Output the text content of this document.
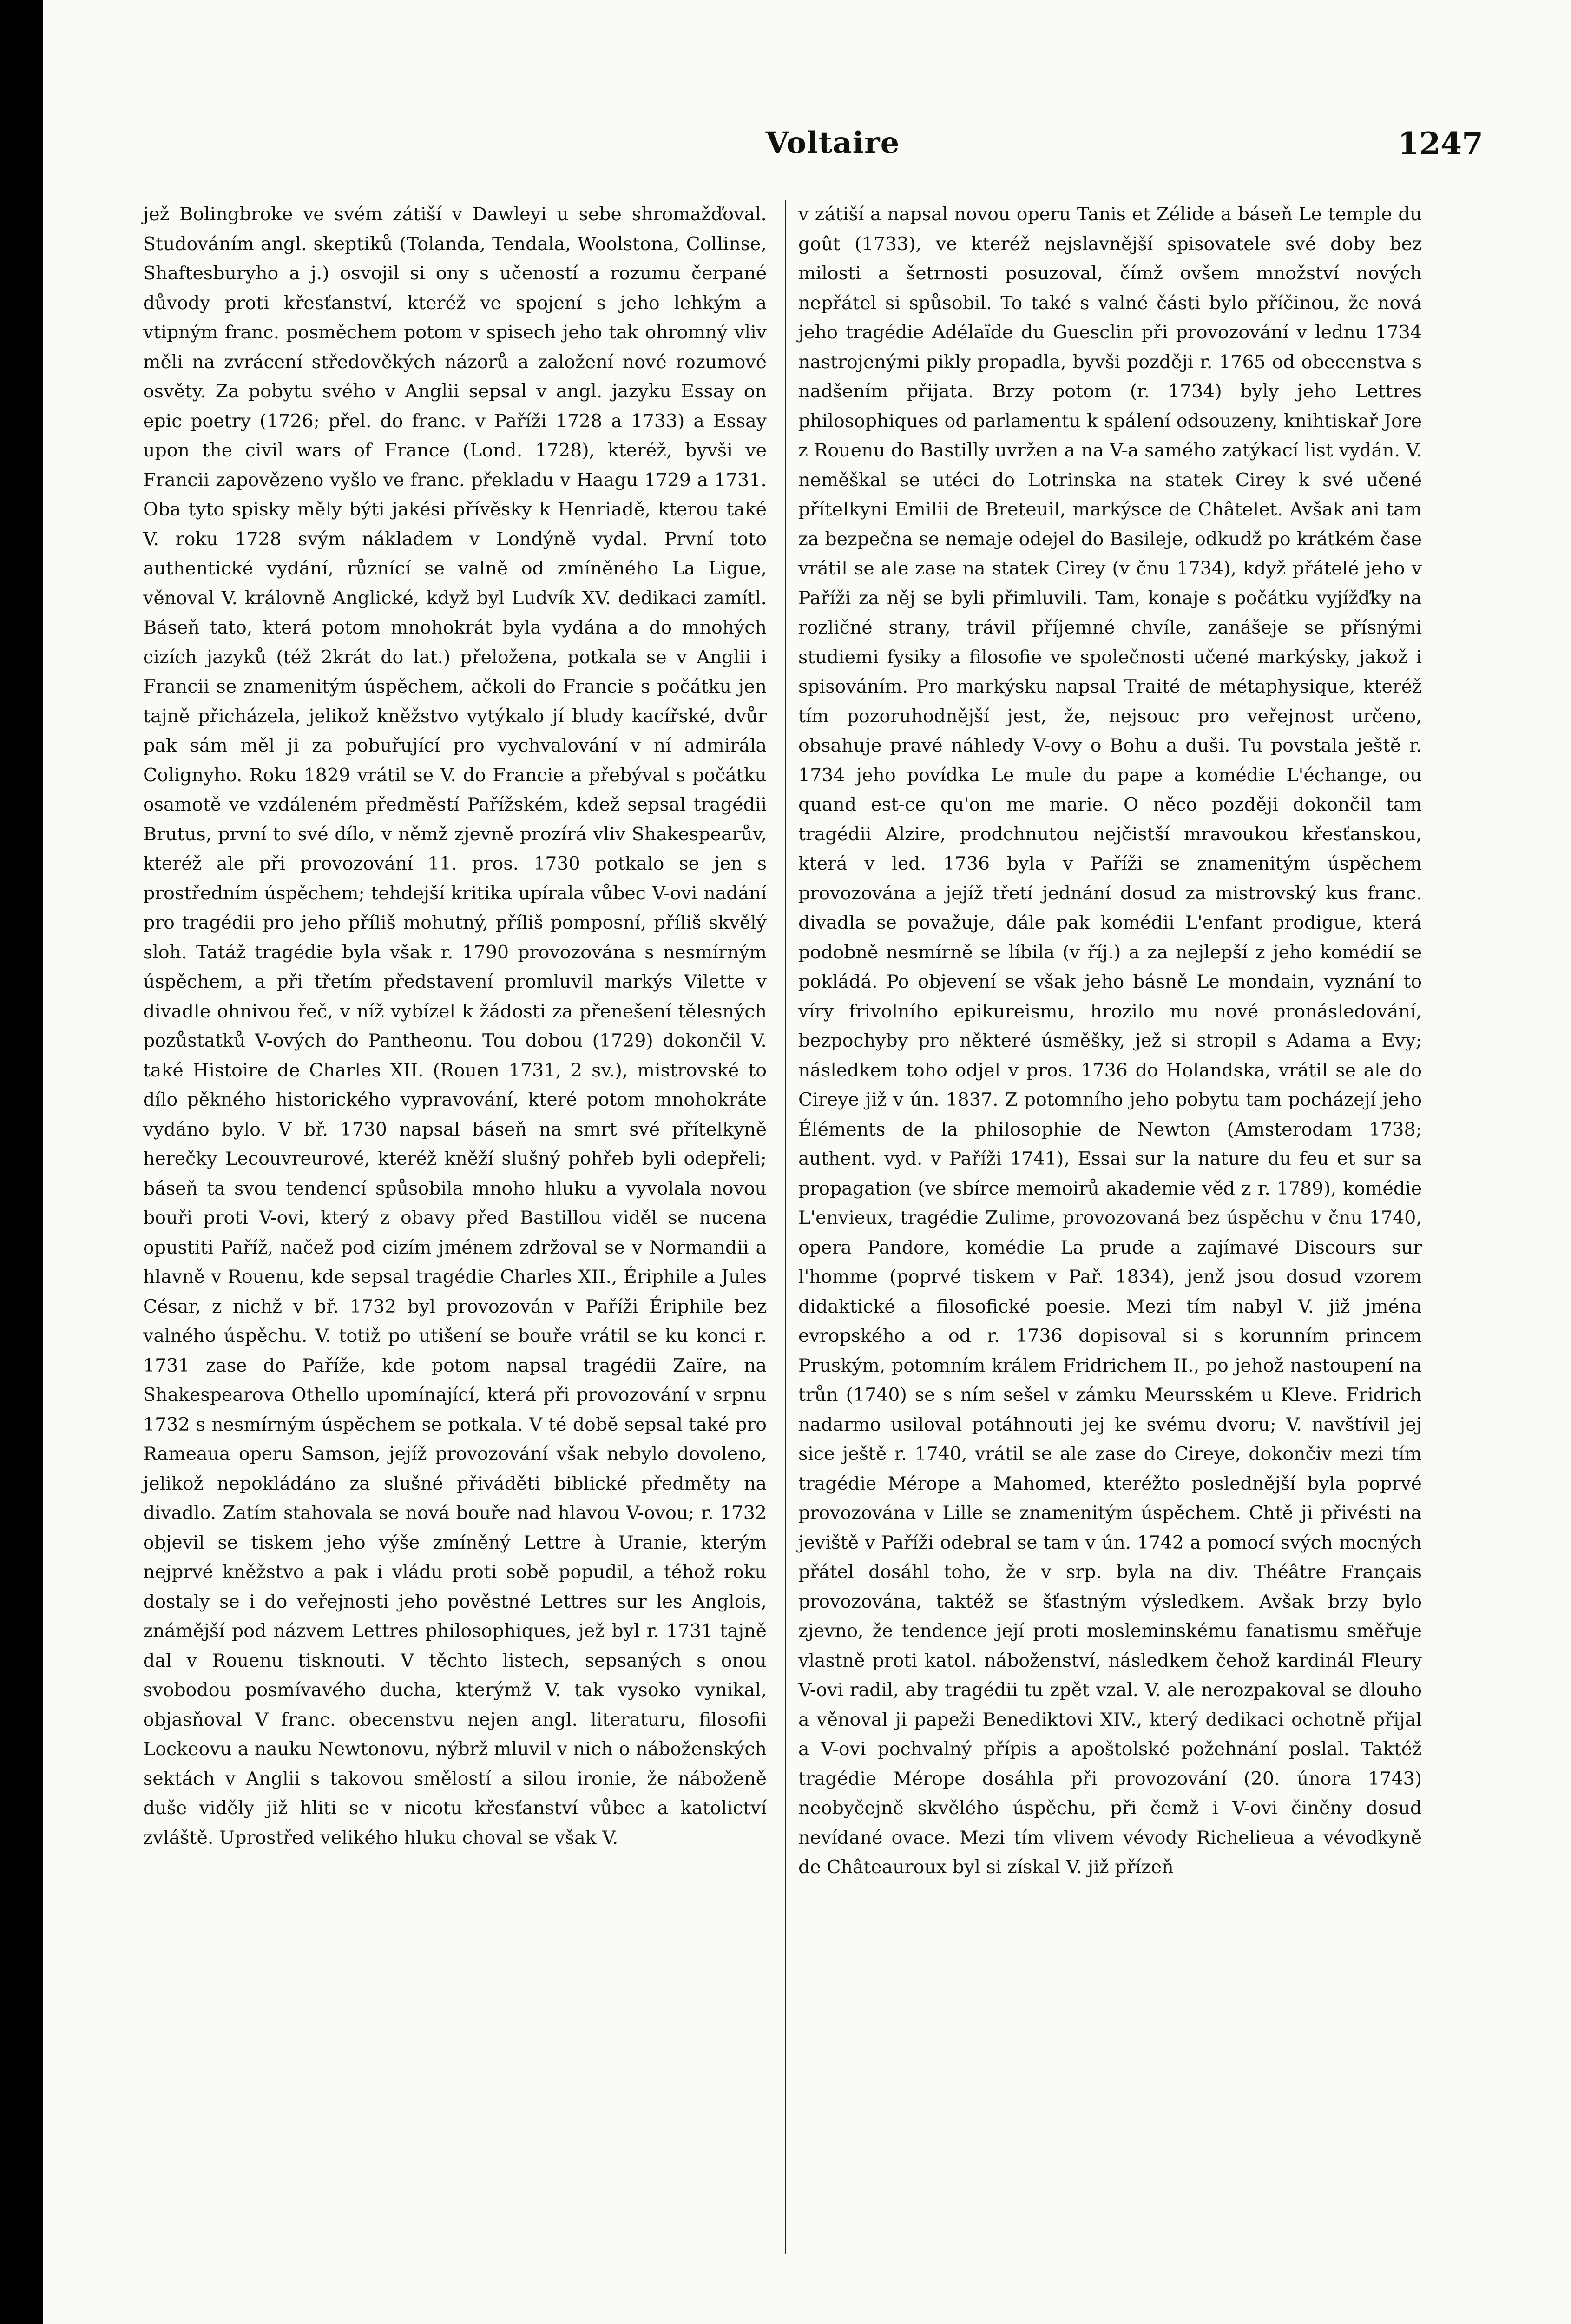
Voltaire	1247

jež Bolingbroke ve svém zátiší v Dawleyi u sebe shromažďoval. Studováním angl. skeptiků (Tolanda, Tendala, Woolstona, Collinse, Shaftesburyho a j.) osvojil si ony s učeností a rozumu čerpané důvody proti křesťanství, kteréž ve spojení s jeho lehkým a vtipným franc. posměchem potom v spisech jeho tak ohromný vliv měli na zvrácení středověkých názorů a založení nové rozumové osvěty. Za pobytu svého v Anglii sepsal v angl. jazyku Essay on epic poetry (1726; přel. do franc. v Paříži 1728 a 1733) a Essay upon the civil wars of France (Lond. 1728), kteréž, byvši ve Francii zapovězeno vyšlo ve franc. překladu v Haagu 1729 a 1731. Oba tyto spisky měly býti jakési přívěsky k Henriadě, kterou také V. roku 1728 svým nákladem v Londýně vydal. První toto authentické vydání, různící se valně od zmíněného La Ligue, věnoval V. královně Anglické, když byl Ludvík XV. dedikaci zamítl. Báseň tato, která potom mnohokrát byla vydána a do mnohých cizích jazyků (též 2krát do lat.) přeložena, potkala se v Anglii i Francii se znamenitým úspěchem, ačkoli do Francie s počátku jen tajně přicházela, jelikož kněžstvo vytýkalo jí bludy kacířské, dvůr pak sám měl ji za pobuřující pro vychvalování v ní admirála Colignyho. Roku 1829 vrátil se V. do Francie a přebýval s počátku osamotě ve vzdáleném předměstí Pařížském, kdež sepsal tragédii Brutus, první to své dílo, v němž zjevně prozírá vliv Shakespearův, kteréž ale při provozování 11. pros. 1730 potkalo se jen s prostředním úspěchem; tehdejší kritika upírala vůbec V-ovi nadání pro tragédii pro jeho příliš mohutný, příliš pomposní, příliš skvělý sloh. Tatáž tragédie byla však r. 1790 provozována s nesmírným úspěchem, a při třetím představení promluvil markýs Vilette v divadle ohnivou řeč, v níž vybízel k žádosti za přenešení tělesných pozůstatků V-ových do Pantheonu. Tou dobou (1729) dokončil V. také Histoire de Charles XII. (Rouen 1731, 2 sv.), mistrovské to dílo pěkného historického vypravování, které potom mnohokráte vydáno bylo. V bř. 1730 napsal báseň na smrt své přítelkyně herečky Lecouvreurové, kteréž kněží slušný pohřeb byli odepřeli; báseň ta svou tendencí spůsobila mnoho hluku a vyvolala novou bouři proti V-ovi, který z obavy před Bastillou viděl se nucena opustiti Paříž, načež pod cizím jménem zdržoval se v Normandii a hlavně v Rouenu, kde sepsal tragédie Charles XII., Ériphile a Jules César, z nichž v bř. 1732 byl provozován v Paříži Ériphile bez valného úspěchu. V. totiž po utišení se bouře vrátil se ku konci r. 1731 zase do Paříže, kde potom napsal tragédii Zaïre, na Shakespearova Othello upomínající, která při provozování v srpnu 1732 s nesmírným úspěchem se potkala. V té době sepsal také pro Rameaua operu Samson, jejíž provozování však nebylo dovoleno, jelikož nepokládáno za slušné přiváděti biblické předměty na divadlo. Zatím stahovala se nová bouře nad hlavou V-ovou; r. 1732 objevil se tiskem jeho výše zmíněný Lettre à Uranie, kterým nejprvé kněžstvo a pak i vládu proti sobě popudil, a téhož roku dostaly se i do veřejnosti jeho pověstné Lettres sur les Anglois, známější pod názvem Lettres philosophiques, jež byl r. 1731 tajně dal v Rouenu tisknouti. V těchto listech, sepsaných s onou svobodou posmívavého ducha, kterýmž V. tak vysoko vynikal, objasňoval V franc. obecenstvu nejen angl. literaturu, filosofii Lockeovu a nauku Newtonovu, nýbrž mluvil v nich o náboženských sektách v Anglii s takovou smělostí a silou ironie, že náboženě duše viděly již hliti se v nicotu křesťanství vůbec a katolictví zvláště. Uprostřed velikého hluku choval se však V.

v zátiší a napsal novou operu Tanis et Zélide a báseň Le temple du goût (1733), ve kteréž nejslavnější spisovatele své doby bez milosti a šetrnosti posuzoval, čímž ovšem množství nových nepřátel si spůsobil. To také s valné části bylo příčinou, že nová jeho tragédie Adélaïde du Guesclin při provozování v lednu 1734 nastrojenými pikly propadla, byvši později r. 1765 od obecenstva s nadšením přijata. Brzy potom (r. 1734) byly jeho Lettres philosophiques od parlamentu k spálení odsouzeny, knihtiskař Jore z Rouenu do Bastilly uvržen a na V-a samého zatýkací list vydán. V. neměškal se utéci do Lotrinska na statek Cirey k své učené přítelkyni Emilii de Breteuil, markýsce de Châtelet. Avšak ani tam za bezpečna se nemaje odejel do Basileje, odkudž po krátkém čase vrátil se ale zase na statek Cirey (v čnu 1734), když přátelé jeho v Paříži za něj se byli přimluvili. Tam, konaje s počátku vyjížďky na rozličné strany, trávil příjemné chvíle, zanášeje se přísnými studiemi fysiky a filosofie ve společnosti učené markýsky, jakož i spisováním. Pro markýsku napsal Traité de métaphysique, kteréž tím pozoruhodnější jest, že, nejsouc pro veřejnost určeno, obsahuje pravé náhledy V-ovy o Bohu a duši. Tu povstala ještě r. 1734 jeho povídka Le mule du pape a komédie L'échange, ou quand est-ce qu'on me marie. O něco později dokončil tam tragédii Alzire, prodchnutou nejčistší mravoukou křesťanskou, která v led. 1736 byla v Paříži se znamenitým úspěchem provozována a jejíž třetí jednání dosud za mistrovský kus franc. divadla se považuje, dále pak komédii L'enfant prodigue, která podobně nesmírně se líbila (v říj.) a za nejlepší z jeho komédií se pokládá. Po objevení se však jeho básně Le mondain, vyznání to víry frivolního epikureismu, hrozilo mu nové pronásledování, bezpochyby pro některé úsměšky, jež si stropil s Adama a Evy; následkem toho odjel v pros. 1736 do Holandska, vrátil se ale do Cireye již v ún. 1837. Z potomního jeho pobytu tam pocházejí jeho Éléments de la philosophie de Newton (Amsterodam 1738; authent. vyd. v Paříži 1741), Essai sur la nature du feu et sur sa propagation (ve sbírce memoirů akademie věd z r. 1789), komédie L'envieux, tragédie Zulime, provozovaná bez úspěchu v čnu 1740, opera Pandore, komédie La prude a zajímavé Discours sur l'homme (poprvé tiskem v Pař. 1834), jenž jsou dosud vzorem didaktické a filosofické poesie. Mezi tím nabyl V. již jména evropského a od r. 1736 dopisoval si s korunním princem Pruským, potomním králem Fridrichem II., po jehož nastoupení na trůn (1740) se s ním sešel v zámku Meursském u Kleve. Fridrich nadarmo usiloval potáhnouti jej ke svému dvoru; V. navštívil jej sice ještě r. 1740, vrátil se ale zase do Cireye, dokončiv mezi tím tragédie Mérope a Mahomed, kteréžto poslednější byla poprvé provozována v Lille se znamenitým úspěchem. Chtě ji přivésti na jeviště v Paříži odebral se tam v ún. 1742 a pomocí svých mocných přátel dosáhl toho, že v srp. byla na div. Théâtre Français provozována, taktéž se šťastným výsledkem. Avšak brzy bylo zjevno, že tendence její proti mosleminskému fanatismu směřuje vlastně proti katol. náboženství, následkem čehož kardinál Fleury V-ovi radil, aby tragédii tu zpět vzal. V. ale nerozpakoval se dlouho a věnoval ji papeži Benediktovi XIV., který dedikaci ochotně přijal a V-ovi pochvalný přípis a apoštolské požehnání poslal. Taktéž tragédie Mérope dosáhla při provozování (20. února 1743) neobyčejně skvělého úspěchu, při čemž i V-ovi činěny dosud nevídané ovace. Mezi tím vlivem vévody Richelieua a vévodkyně de Châteauroux byl si získal V. již přízeň
